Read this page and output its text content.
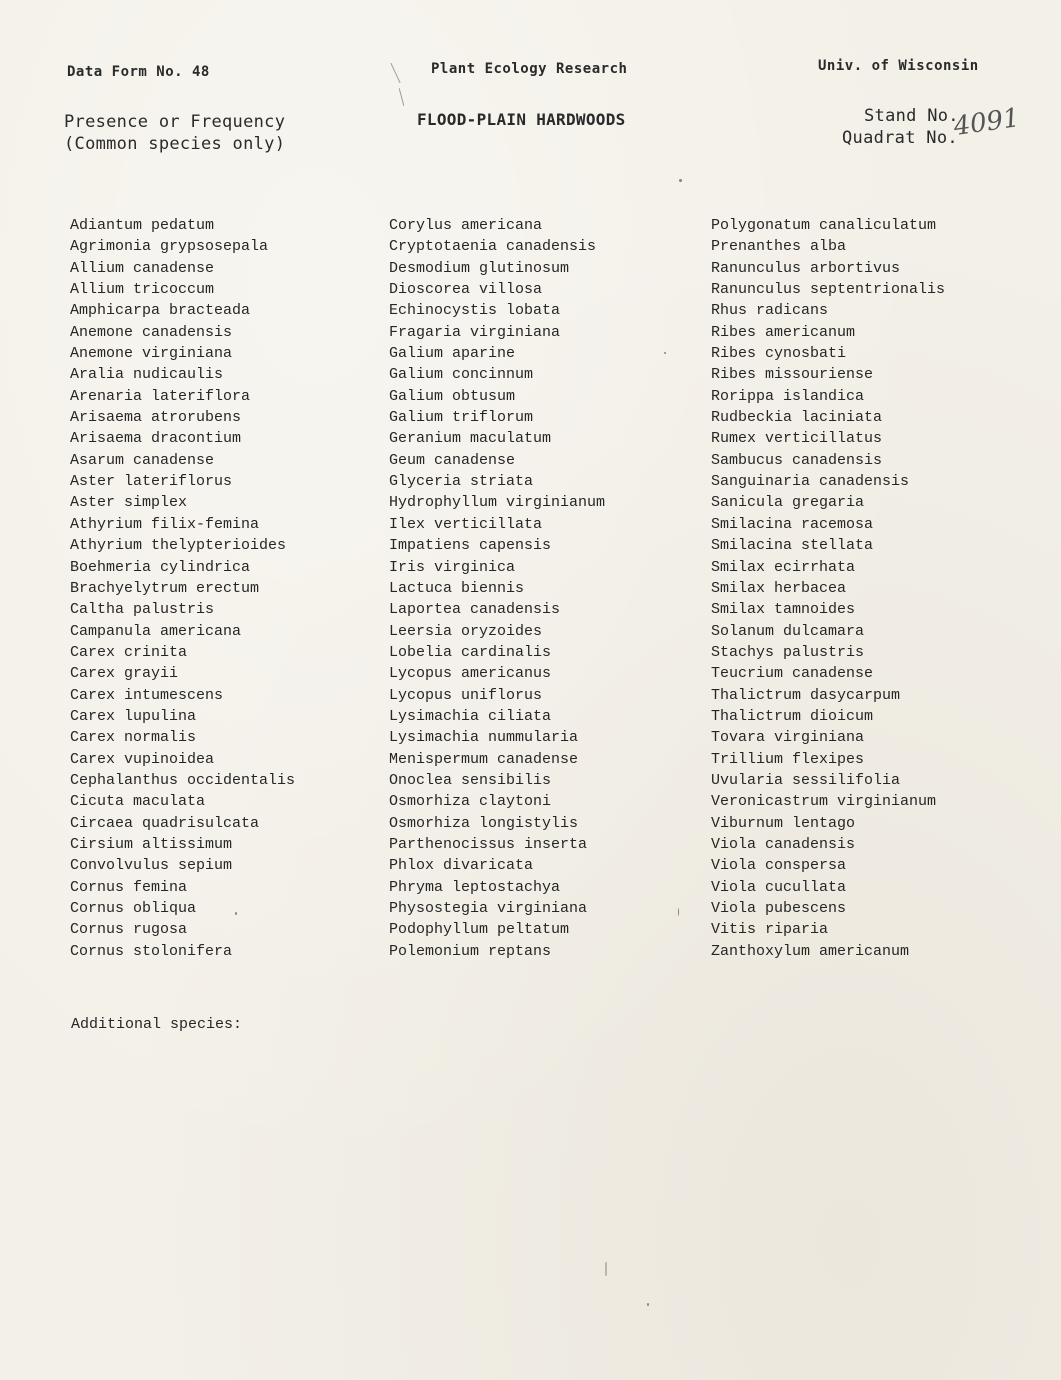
Data Form No. 48	Plant Ecology Research	Univ. of Wisconsin
Presence or Frequency
(Common species only)
FLOOD-PLAIN HARDWOODS	Stand No.
Quadrat No.
4091
Adiantum pedatum
Agrimonia grypsosepala
Allium canadense
Allium tricoccum
Amphicarpa bracteada
Anemone canadensis
Anemone virginiana
Aralia nudicaulis
Arenaria lateriflora
Arisaema atrorubens
Arisaema dracontium
Asarum canadense
Aster lateriflorus
Aster simplex
Athyrium filix-femina
Athyrium thelypterioides
Boehmeria cylindrica
Brachyelytrum erectum
Caltha palustris
Campanula americana
Carex crinita
Carex grayii
Carex intumescens
Carex lupulina
Carex normalis
Carex vupinoidea
Cephalanthus occidentalis
Cicuta maculata
Circaea quadrisulcata
Cirsium altissimum
Convolvulus sepium
Cornus femina
Cornus obliqua
Cornus rugosa
Cornus stolonifera
Corylus americana
Cryptotaenia canadensis
Desmodium glutinosum
Dioscorea villosa
Echinocystis lobata
Fragaria virginiana
Galium aparine
Galium concinnum
Galium obtusum
Galium triflorum
Geranium maculatum
Geum canadense
Glyceria striata
Hydrophyllum virginianum
Ilex verticillata
Impatiens capensis
Iris virginica
Lactuca biennis
Laportea canadensis
Leersia oryzoides
Lobelia cardinalis
Lycopus americanus
Lycopus uniflorus
Lysimachia ciliata
Lysimachia nummularia
Menispermum canadense
Onoclea sensibilis
Osmorhiza claytoni
Osmorhiza longistylis
Parthenocissus inserta
Phlox divaricata
Phryma leptostachya
Physostegia virginiana
Podophyllum peltatum
Polemonium reptans
Polygonatum canaliculatum
Prenanthes alba
Ranunculus arbortivus
Ranunculus septentrionalis
Rhus radicans
Ribes americanum
Ribes cynosbati
Ribes missouriense
Rorippa islandica
Rudbeckia laciniata
Rumex verticillatus
Sambucus canadensis
Sanguinaria canadensis
Sanicula gregaria
Smilacina racemosa
Smilacina stellata
Smilax ecirrhata
Smilax herbacea
Smilax tamnoides
Solanum dulcamara
Stachys palustris
Teucrium canadense
Thalictrum dasycarpum
Thalictrum dioicum
Tovara virginiana
Trillium flexipes
Uvularia sessilifolia
Veronicastrum virginianum
Viburnum lentago
Viola canadensis
Viola conspersa
Viola cucullata
Viola pubescens
Vitis riparia
Zanthoxylum americanum
Additional species:
